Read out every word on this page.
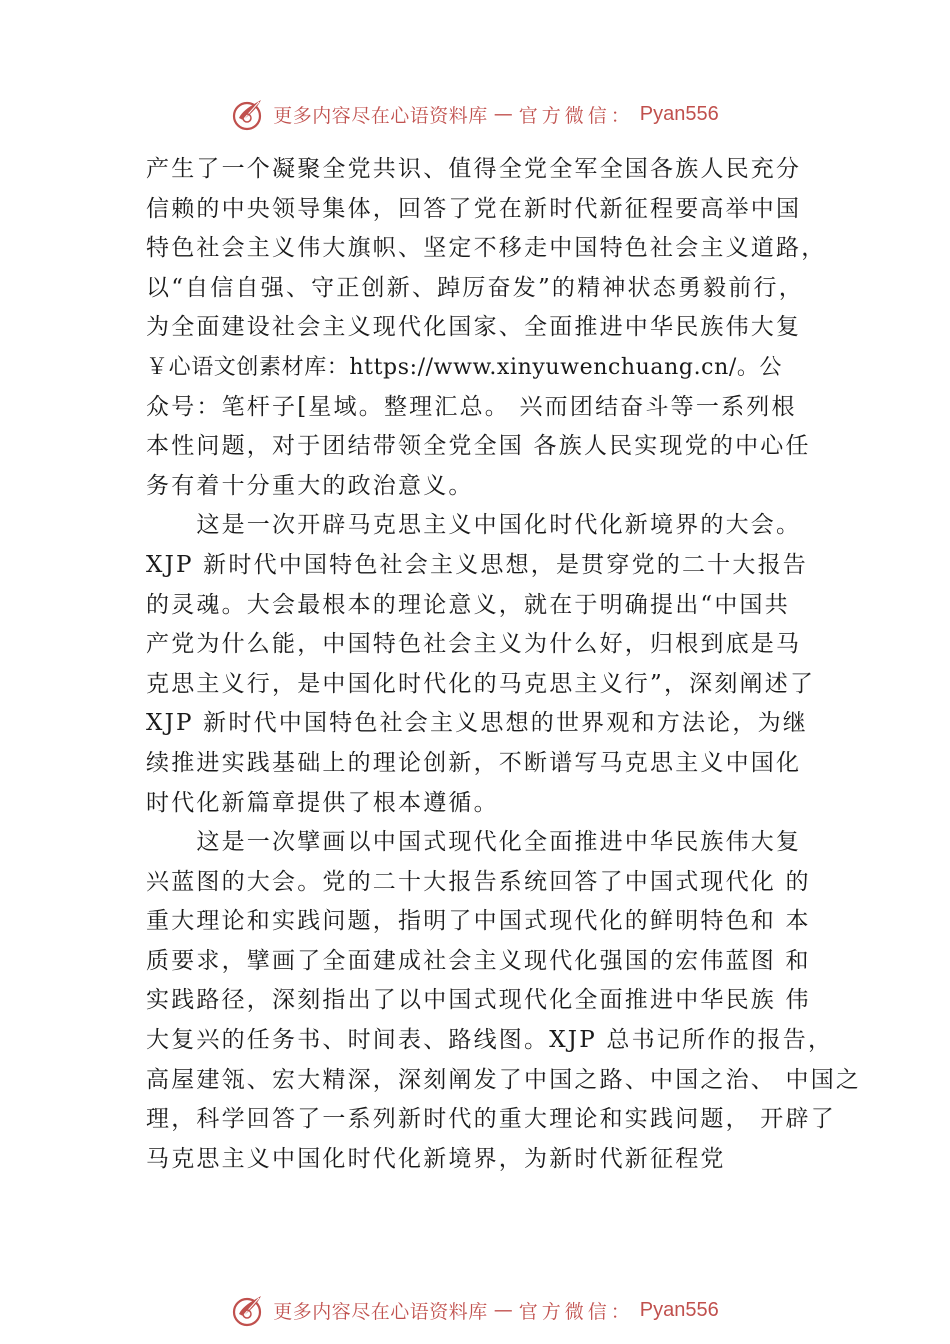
更多内容尽在心语资料库 — 官方微信： Pyan556
产生了一个凝聚全党共识、值得全党全军全国各族人民充分
信赖的中央领导集体，回答了党在新时代新征程要高举中国
特色社会主义伟大旗帜、坚定不移走中国特色社会主义道路，
以“自信自强、守正创新、踔厉奋发”的精神状态勇毅前行，
为全面建设社会主义现代化国家、全面推进中华民族伟大复
￥心语文创素材库：https://www.xinyuwenchuang.cn/。公
众号：笔杆子[星域。整理汇总。 兴而团结奋斗等一系列根
本性问题，对于团结带领全党全国 各族人民实现党的中心任
务有着十分重大的政治意义。
　　这是一次开辟马克思主义中国化时代化新境界的大会。
XJP 新时代中国特色社会主义思想，是贯穿党的二十大报告
的灵魂。大会最根本的理论意义，就在于明确提出“中国共
产党为什么能，中国特色社会主义为什么好，归根到底是马
克思主义行，是中国化时代化的马克思主义行”，深刻阐述了
XJP 新时代中国特色社会主义思想的世界观和方法论，为继
续推进实践基础上的理论创新，不断谱写马克思主义中国化
时代化新篇章提供了根本遵循。
　　这是一次擘画以中国式现代化全面推进中华民族伟大复
兴蓝图的大会。党的二十大报告系统回答了中国式现代化 的
重大理论和实践问题，指明了中国式现代化的鲜明特色和 本
质要求，擘画了全面建成社会主义现代化强国的宏伟蓝图 和
实践路径，深刻指出了以中国式现代化全面推进中华民族 伟
大复兴的任务书、时间表、路线图。XJP 总书记所作的报告，
高屋建瓴、宏大精深，深刻阐发了中国之路、中国之治、 中国之
理，科学回答了一系列新时代的重大理论和实践问题， 开辟了
马克思主义中国化时代化新境界，为新时代新征程党
更多内容尽在心语资料库 — 官方微信： Pyan556
